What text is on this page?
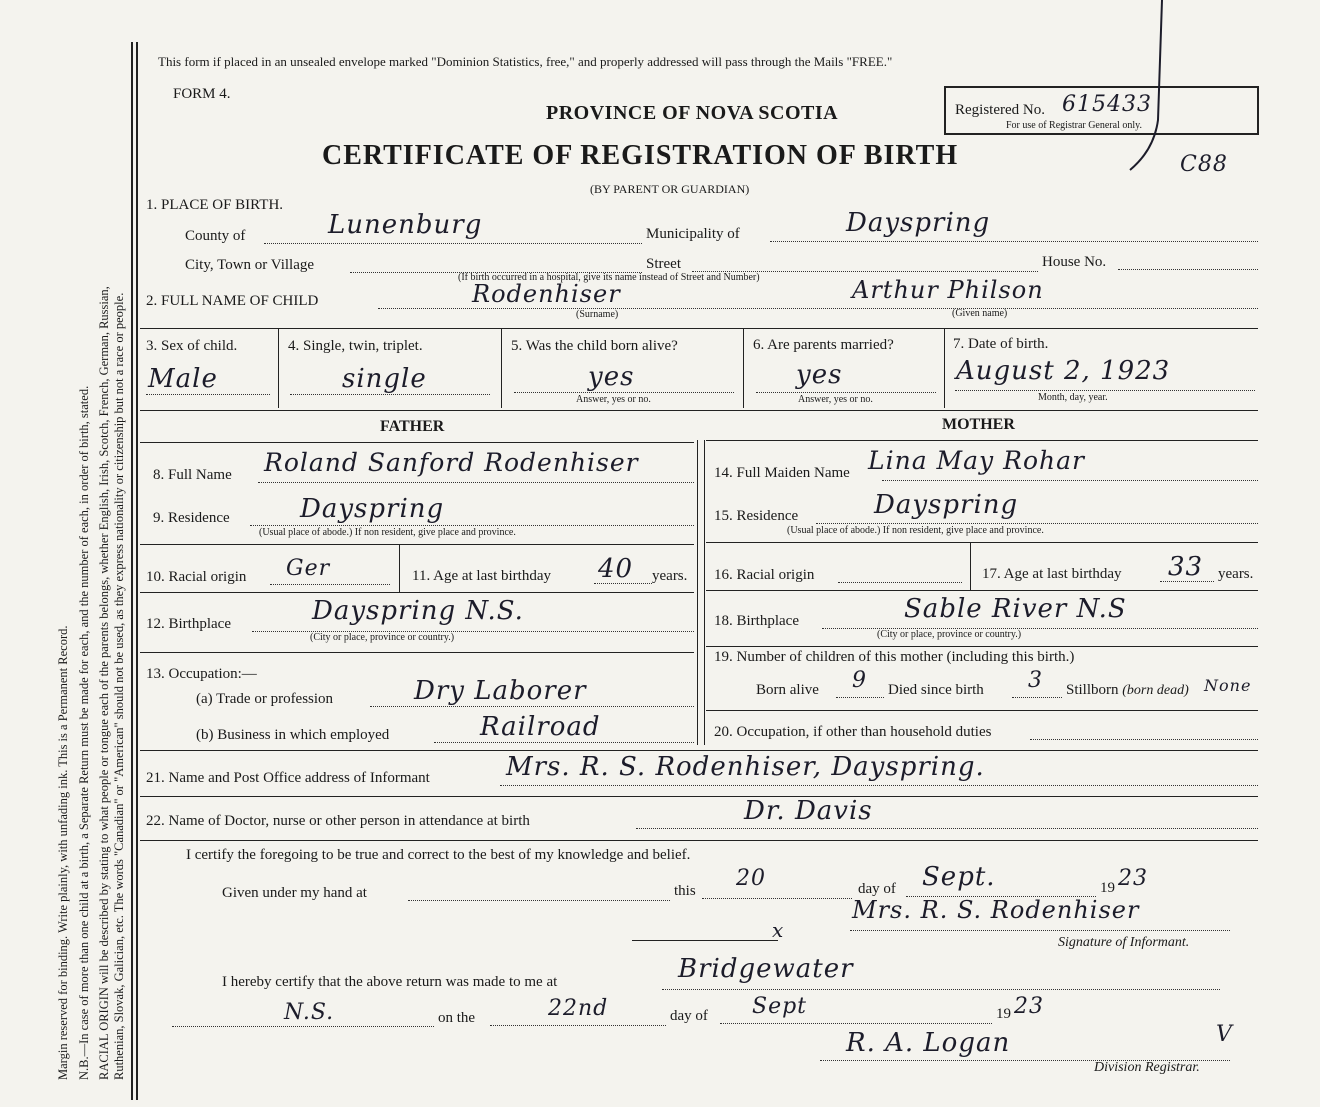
Margin reserved for binding. Write plainly, with unfading ink. This is a Permanent Record. N.B.—In case of more than one child at a birth, a Separate Return must be made for each, and the number of each, in order of birth, stated. RACIAL ORIGIN will be described by stating to what people or tongue each of the parents belongs, whether English, Irish, Scotch, French, German, Russian, Ruthenian, Slovak, Galician, etc. The words "Canadian" or "American" should not be used, as they express nationality or citizenship but not a race or people.
This form if placed in an unsealed envelope marked "Dominion Statistics, free," and properly addressed will pass through the Mails "FREE."
FORM 4.
PROVINCE OF NOVA SCOTIA
CERTIFICATE OF REGISTRATION OF BIRTH
(BY PARENT OR GUARDIAN)
Registered No. 615433
For use of Registrar General only.
C88
1. PLACE OF BIRTH.
County of	Lunenburg	Municipality of	Dayspring
City, Town or Village	Street	House No.
(If birth occurred in a hospital, give its name instead of Street and Number)
2. FULL NAME OF CHILD	Rodenhiser
(Surname)
Arthur Philson
(Given name)
3. Sex of child.
Male
4. Single, twin, triplet.
single
5. Was the child born alive?
yes
Answer, yes or no.
6. Are parents married?
yes
Answer, yes or no.
7. Date of birth.
August 2, 1923
Month, day, year.
FATHER	MOTHER
8. Full Name Roland Sanford Rodenhiser
9. Residence	Dayspring
(Usual place of abode.) If non resident, give place and province.
10. Racial origin Ger	11. Age at last birthday 40 years.
12. Birthplace	Dayspring N.S.
(City or place, province or country.)
13. Occupation:—
(a) Trade or profession	Dry Laborer
(b) Business in which employed	Railroad
14. Full Maiden Name Lina May Rohar
15. Residence	Dayspring
(Usual place of abode.) If non resident, give place and province.
16. Racial origin	17. Age at last birthday 33 years.
18. Birthplace	Sable River N.S
(City or place, province or country.)
19. Number of children of this mother (including this birth.)
Born alive 9 Died since birth 3 Stillborn (born dead) None
20. Occupation, if other than household duties
21. Name and Post Office address of Informant	Mrs. R. S. Rodenhiser, Dayspring.
22. Name of Doctor, nurse or other person in attendance at birth	Dr. Davis
I certify the foregoing to be true and correct to the best of my knowledge and belief.
Given under my hand at	this 20	day of Sept.	19 23
x
Mrs. R. S. Rodenhiser
Signature of Informant.
I hereby certify that the above return was made to me at	Bridgewater
N.S.	on the	22nd	day of Sept	19 23
R. A. Logan	V
Division Registrar.
